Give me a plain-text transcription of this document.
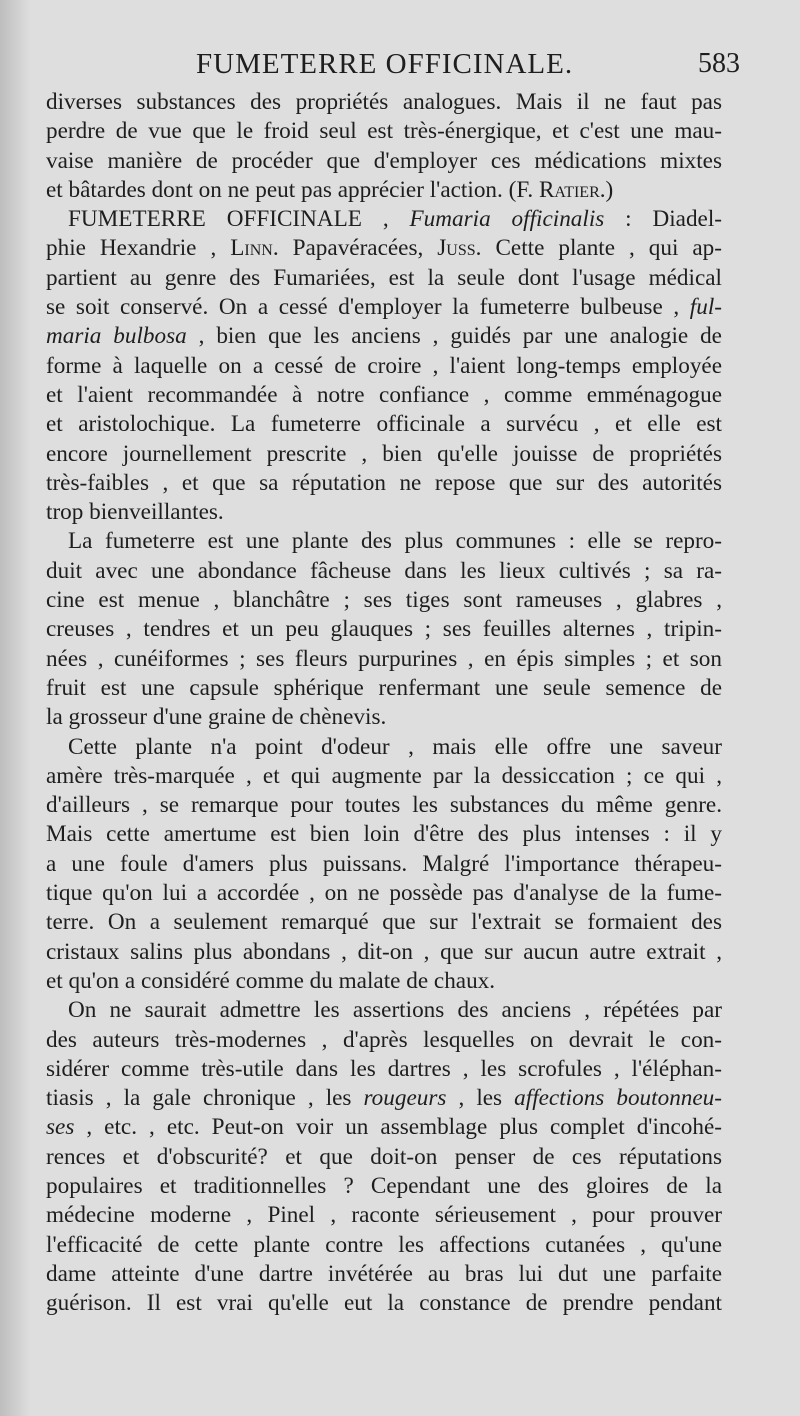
FUMETERRE OFFICINALE.	583
diverses substances des propriétés analogues. Mais il ne faut pas
perdre de vue que le froid seul est très-énergique, et c'est une mau-
vaise manière de procéder que d'employer ces médications mixtes
et bâtardes dont on ne peut pas apprécier l'action. (F. Ratier.)
FUMETERRE OFFICINALE , Fumaria officinalis : Diadel-
phie Hexandrie , Linn. Papavéracées, Juss. Cette plante , qui ap-
partient au genre des Fumariées, est la seule dont l'usage médical
se soit conservé. On a cessé d'employer la fumeterre bulbeuse , ful-
maria bulbosa , bien que les anciens , guidés par une analogie de
forme à laquelle on a cessé de croire , l'aient long-temps employée
et l'aient recommandée à notre confiance , comme emménagogue
et aristolochique. La fumeterre officinale a survécu , et elle est
encore journellement prescrite , bien qu'elle jouisse de propriétés
très-faibles , et que sa réputation ne repose que sur des autorités
trop bienveillantes.
La fumeterre est une plante des plus communes : elle se repro-
duit avec une abondance fâcheuse dans les lieux cultivés ; sa ra-
cine est menue , blanchâtre ; ses tiges sont rameuses , glabres ,
creuses , tendres et un peu glauques ; ses feuilles alternes , tripin-
nées , cunéiformes ; ses fleurs purpurines , en épis simples ; et son
fruit est une capsule sphérique renfermant une seule semence de
la grosseur d'une graine de chènevis.
Cette plante n'a point d'odeur , mais elle offre une saveur
amère très-marquée , et qui augmente par la dessiccation ; ce qui ,
d'ailleurs , se remarque pour toutes les substances du même genre.
Mais cette amertume est bien loin d'être des plus intenses : il y
a une foule d'amers plus puissans. Malgré l'importance thérapeu-
tique qu'on lui a accordée , on ne possède pas d'analyse de la fume-
terre. On a seulement remarqué que sur l'extrait se formaient des
cristaux salins plus abondans , dit-on , que sur aucun autre extrait ,
et qu'on a considéré comme du malate de chaux.
On ne saurait admettre les assertions des anciens , répétées par
des auteurs très-modernes , d'après lesquelles on devrait le con-
sidérer comme très-utile dans les dartres , les scrofules , l'éléphan-
tiasis , la gale chronique , les rougeurs , les affections boutonneu-
ses , etc. , etc. Peut-on voir un assemblage plus complet d'incohé-
rences et d'obscurité? et que doit-on penser de ces réputations
populaires et traditionnelles ? Cependant une des gloires de la
médecine moderne , Pinel , raconte sérieusement , pour prouver
l'efficacité de cette plante contre les affections cutanées , qu'une
dame atteinte d'une dartre invétérée au bras lui dut une parfaite
guérison. Il est vrai qu'elle eut la constance de prendre pendant
